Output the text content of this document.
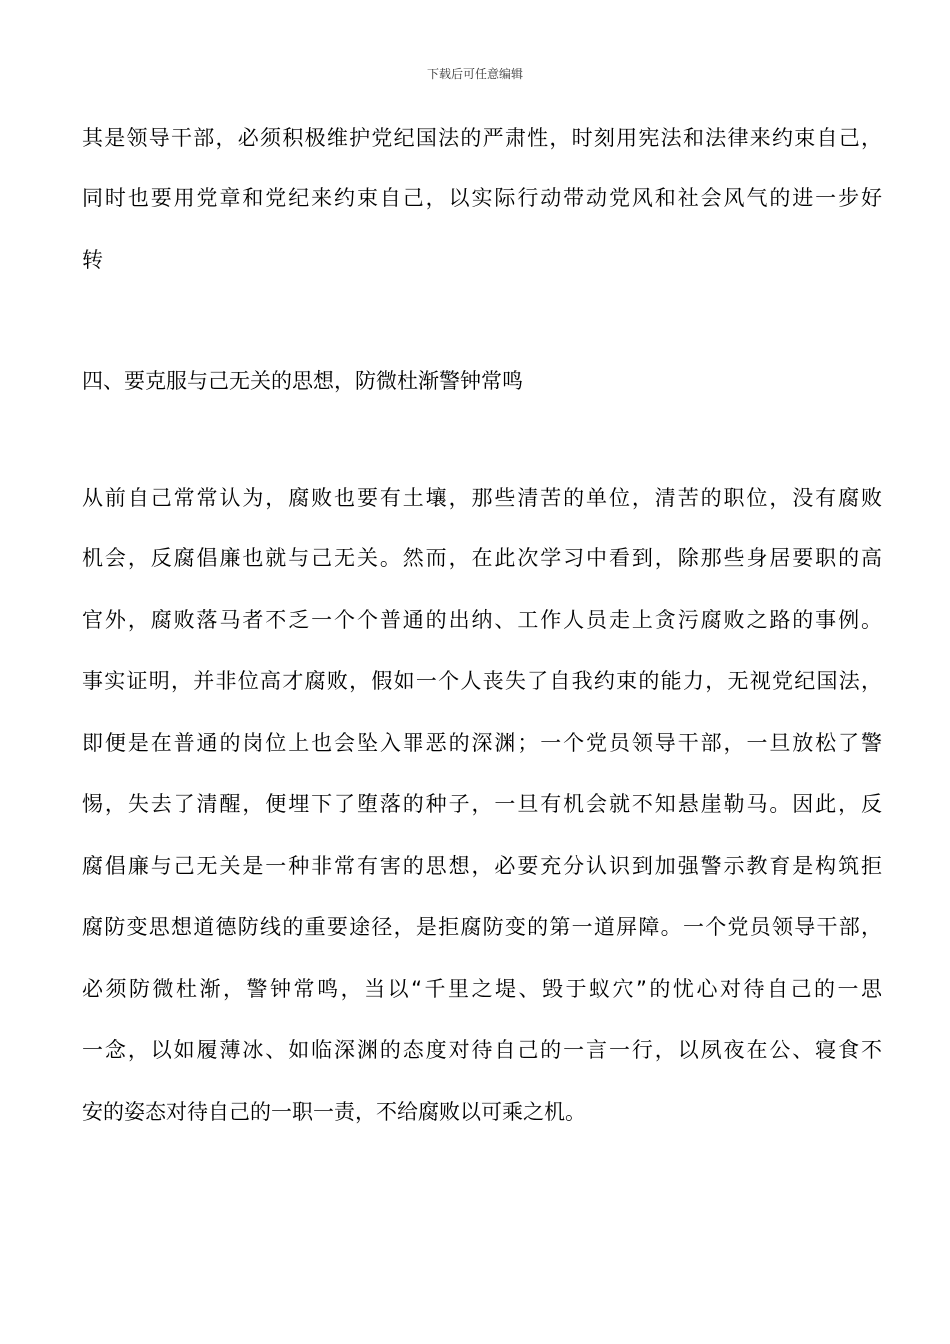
下载后可任意编辑
其是领导干部，必须积极维护党纪国法的严肃性，时刻用宪法和法律来约束自己，
同时也要用党章和党纪来约束自己，以实际行动带动党风和社会风气的进一步好
转
四、要克服与己无关的思想，防微杜渐警钟常鸣
从前自己常常认为，腐败也要有土壤，那些清苦的单位，清苦的职位，没有腐败
机会，反腐倡廉也就与己无关。然而，在此次学习中看到，除那些身居要职的高
官外，腐败落马者不乏一个个普通的出纳、工作人员走上贪污腐败之路的事例。
事实证明，并非位高才腐败，假如一个人丧失了自我约束的能力，无视党纪国法，
即便是在普通的岗位上也会坠入罪恶的深渊；一个党员领导干部，一旦放松了警
惕，失去了清醒，便埋下了堕落的种子，一旦有机会就不知悬崖勒马。因此，反
腐倡廉与己无关是一种非常有害的思想，必要充分认识到加强警示教育是构筑拒
腐防变思想道德防线的重要途径，是拒腐防变的第一道屏障。一个党员领导干部，
必须防微杜渐，警钟常鸣，当以“千里之堤、毁于蚁穴”的忧心对待自己的一思
一念，以如履薄冰、如临深渊的态度对待自己的一言一行，以夙夜在公、寝食不
安的姿态对待自己的一职一责，不给腐败以可乘之机。
